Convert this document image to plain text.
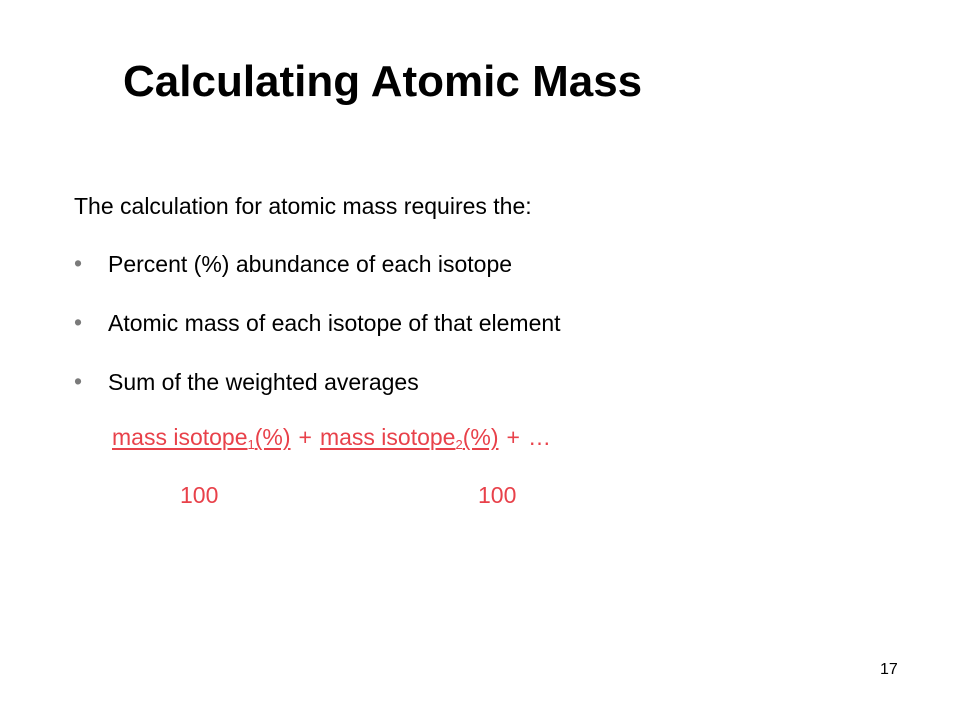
Calculating Atomic Mass
The calculation for atomic mass requires the:
• Percent (%) abundance of each isotope
• Atomic mass of each isotope of that element
• Sum of the weighted averages
mass isotope$_1$(%) + mass isotope$_2$(%) + …
100	100
17
